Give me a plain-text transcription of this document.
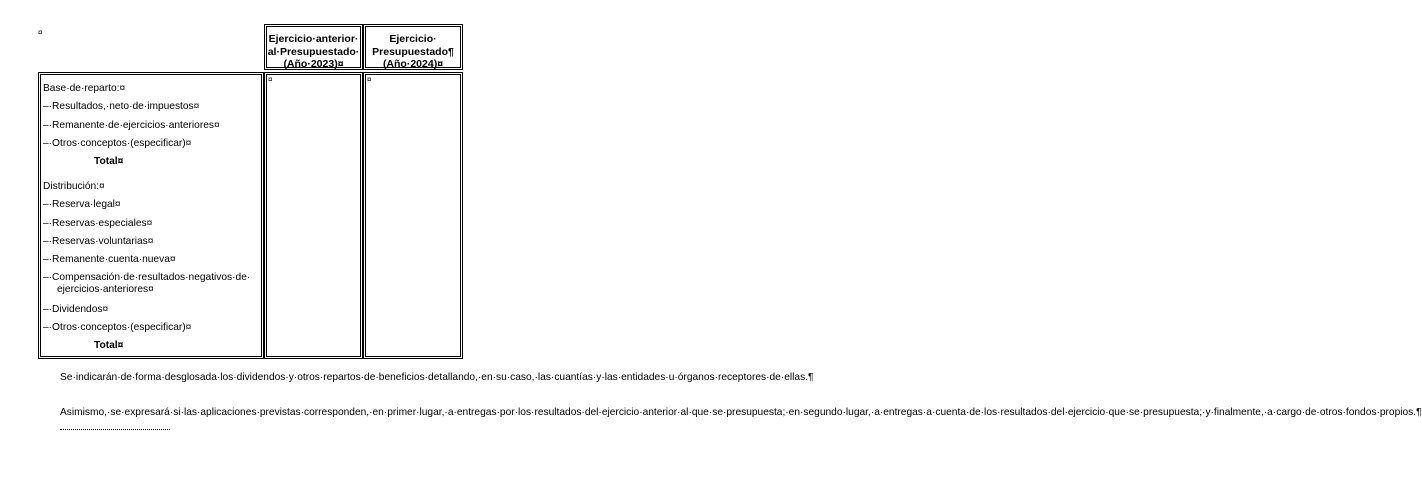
¤
Ejercicio·anterior·
al·Presupuestado·
(Año·2023)¤
Ejercicio·
Presupuestado¶
(Año·2024)¤
Base·de·reparto:¤
–·Resultados,·neto·de·impuestos¤
–·Remanente·de·ejercicios·anteriores¤
–·Otros·conceptos·(especificar)¤
Total¤
Distribución:¤
–·Reserva·legal¤
–·Reservas·especiales¤
–·Reservas·voluntarias¤
–·Remanente·cuenta·nueva¤
–·Compensación·de·resultados·negativos·de·
ejercicios·anteriores¤
–·Dividendos¤
–·Otros·conceptos·(especificar)¤
Total¤
¤	¤
Se·indicarán·de·forma·desglosada·los·dividendos·y·otros·repartos·de·beneficios·detallando,·en·su·caso,·las·cuantías·y·las·entidades·u·órganos·receptores·de·ellas.¶
Asimismo,·se·expresará·si·las·aplicaciones·previstas·corresponden,·en·primer·lugar,·a·entregas·por·los·resultados·del·ejercicio·anterior·al·que·se·presupuesta;·en·segundo·lugar,·a·entregas·a·cuenta·de·los·resultados·del·ejercicio·que·se·presupuesta;·y·finalmente,·a·cargo·de·otros·fondos·propios.¶
